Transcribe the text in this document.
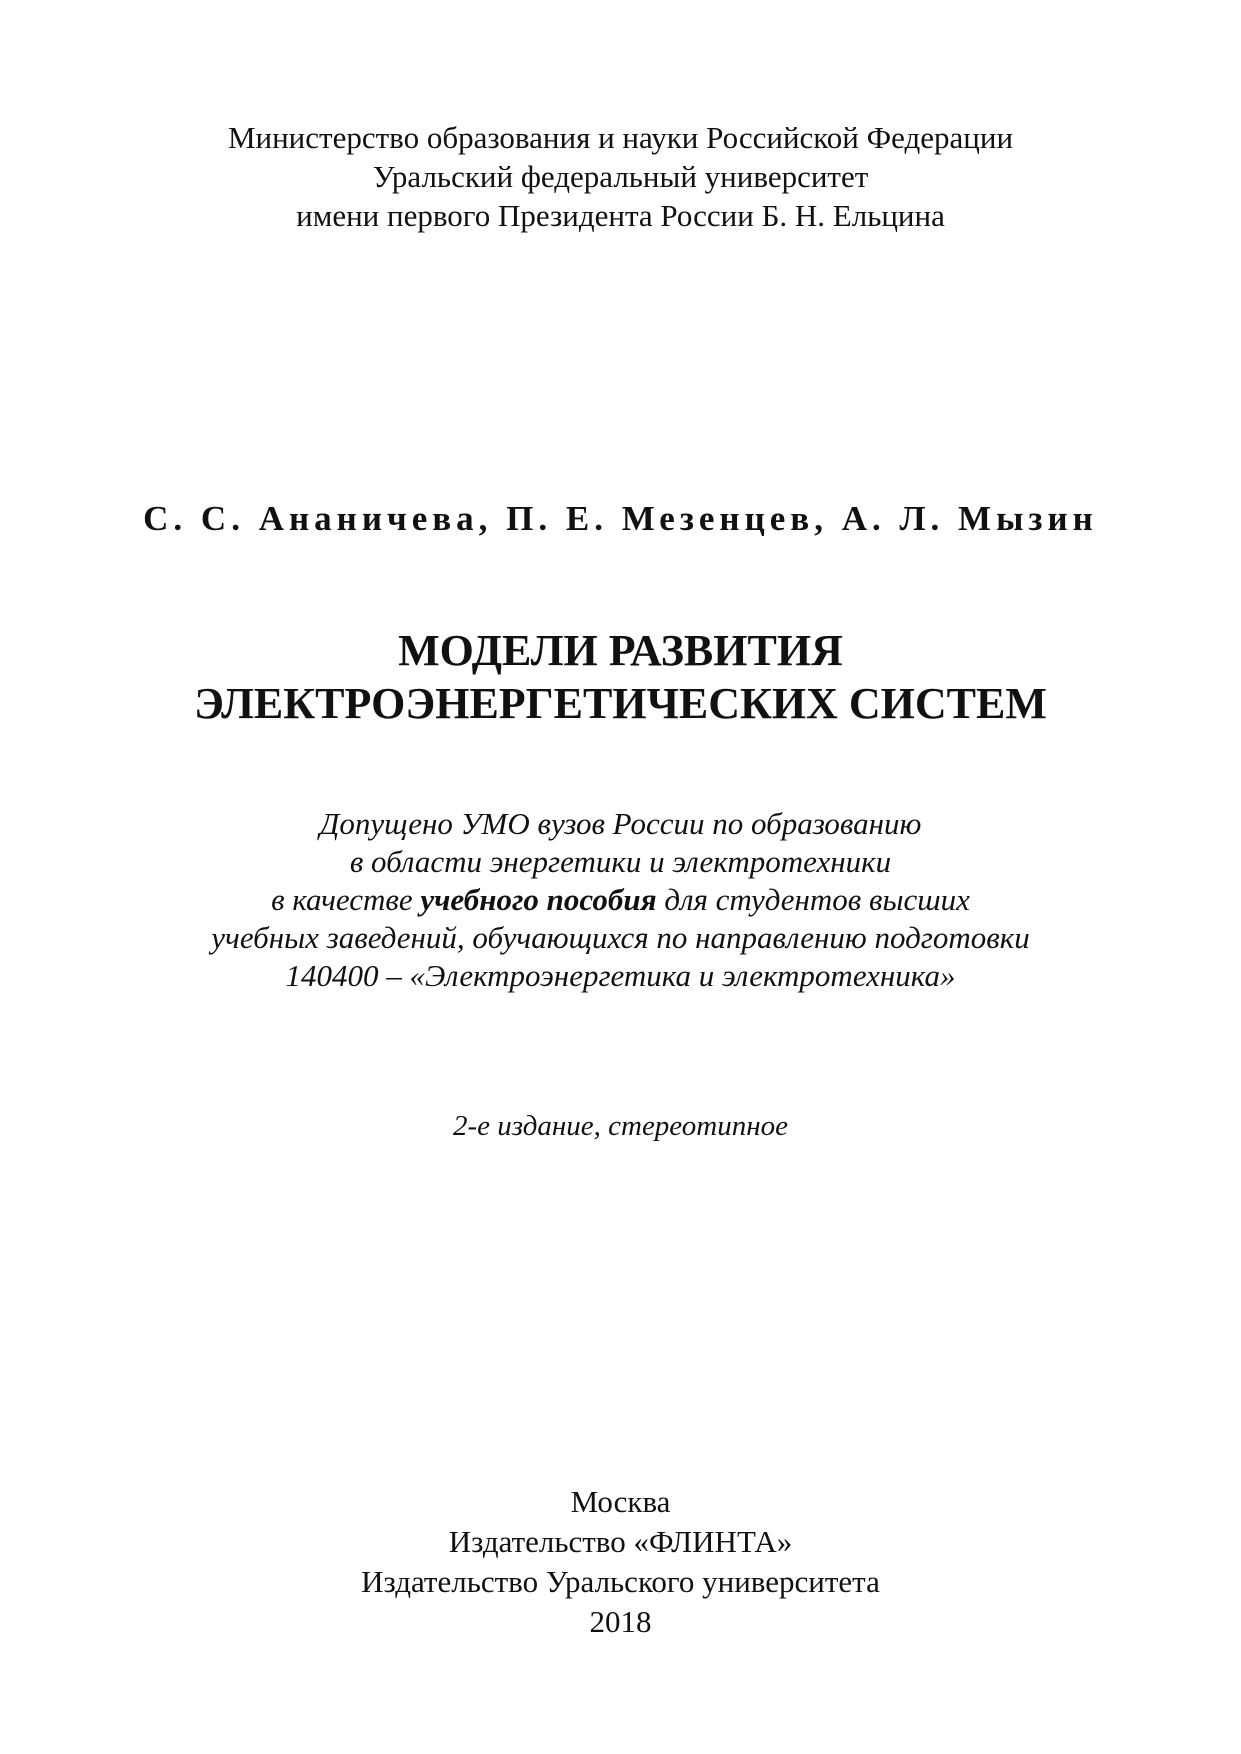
Министерство образования и науки Российской Федерации
Уральский федеральный университет
имени первого Президента России Б. Н. Ельцина
С. С. Ананичева, П. Е. Мезенцев, А. Л. Мызин
МОДЕЛИ РАЗВИТИЯ
ЭЛЕКТРОЭНЕРГЕТИЧЕСКИХ СИСТЕМ
Допущено УМО вузов России по образованию
в области энергетики и электротехники
в качестве учебного пособия для студентов высших
учебных заведений, обучающихся по направлению подготовки
140400 – «Электроэнергетика и электротехника»
2-е издание, стереотипное
Москва
Издательство «ФЛИНТА»
Издательство Уральского университета
2018
